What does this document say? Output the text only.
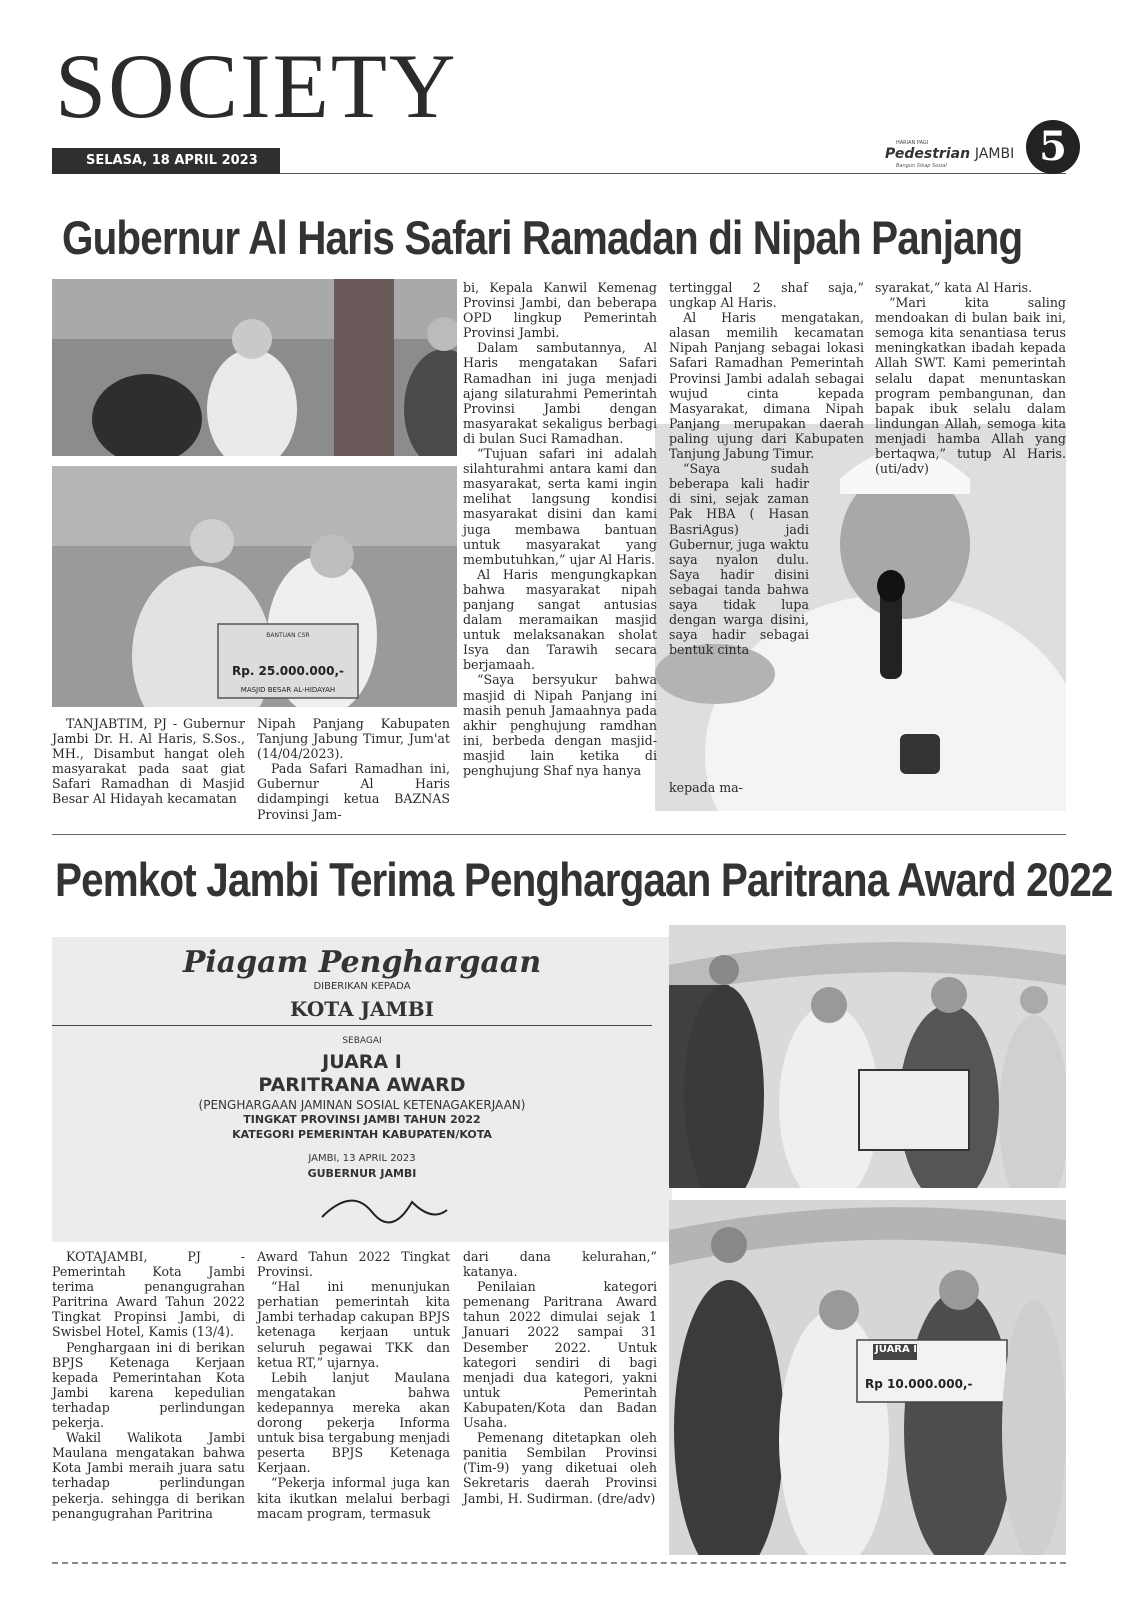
SOCIETY
SELASA, 18 APRIL 2023
HARIAN PAGI
Pedestrian JAMBI
Bangun Sikap Sosial	5
Gubernur Al Haris Safari Ramadan di Nipah Panjang
BANTUAN CSR
Rp. 25.000.000,-
MASJID BESAR AL-HIDAYAH

TANJABTIM, PJ - Gubernur Jambi Dr. H. Al Haris, S.Sos., MH., Disambut hangat oleh masyarakat pada saat giat Safari Ramadhan di Masjid Besar Al Hidayah kecamatan

Nipah Panjang Kabupaten Tanjung Jabung Timur, Jum'at (14/04/2023).

Pada Safari Ramadhan ini, Gubernur Al Haris didampingi ketua BAZNAS Provinsi Jam-

bi, Kepala Kanwil Kemenag Provinsi Jambi, dan beberapa OPD lingkup Pemerintah Provinsi Jambi.

Dalam sambutannya, Al Haris mengatakan Safari Ramadhan ini juga menjadi ajang silaturahmi Pemerintah Provinsi Jambi dengan masyarakat sekaligus berbagi di bulan Suci Ramadhan.

“Tujuan safari ini adalah silahturahmi antara kami dan masyarakat, serta kami ingin melihat langsung kondisi masyarakat disini dan kami juga membawa bantuan untuk masyarakat yang membutuhkan,” ujar Al Haris.

Al Haris mengungkapkan bahwa masyarakat nipah panjang sangat antusias dalam meramaikan masjid untuk melaksanakan sholat Isya dan Tarawih secara berjamaah.

“Saya bersyukur bahwa masjid di Nipah Panjang ini masih penuh Jamaahnya pada akhir penghujung ramdhan ini, berbeda dengan masjid-masjid lain ketika di penghujung Shaf nya hanya

tertinggal 2 shaf saja,” ungkap Al Haris.

Al Haris mengatakan, alasan memilih kecamatan Nipah Panjang sebagai lokasi Safari Ramadhan Pemerintah Provinsi Jambi adalah sebagai wujud cinta kepada Masyarakat, dimana Nipah Panjang merupakan daerah paling ujung dari Kabupaten Tanjung Jabung Timur.

“Saya sudah beberapa kali hadir di sini, sejak zaman Pak HBA ( Hasan BasriAgus) jadi Gubernur, juga waktu saya nyalon dulu. Saya hadir disini sebagai tanda bahwa saya tidak lupa dengan warga disini, saya hadir sebagai bentuk cinta

kepada ma-

syarakat,” kata Al Haris.

“Mari kita saling mendoakan di bulan baik ini, semoga kita senantiasa terus meningkatkan ibadah kepada Allah SWT. Kami pemerintah selalu dapat menuntaskan program pembangunan, dan bapak ibuk selalu dalam lindungan Allah, semoga kita menjadi hamba Allah yang bertaqwa,” tutup Al Haris. (uti/adv)

Pemkot Jambi Terima Penghargaan Paritrana Award 2022
Piagam Penghargaan
DIBERIKAN KEPADA
KOTA JAMBI
SEBAGAI
JUARA I
PARITRANA AWARD
(PENGHARGAAN JAMINAN SOSIAL KETENAGAKERJAAN)
TINGKAT PROVINSI JAMBI TAHUN 2022
KATEGORI PEMERINTAH KABUPATEN/KOTA
JAMBI, 13 APRIL 2023
GUBERNUR JAMBI
JUARA I
Rp 10.000.000,-

KOTAJAMBI, PJ - Pemerintah Kota Jambi terima penangugrahan Paritrina Award Tahun 2022 Tingkat Propinsi Jambi, di Swisbel Hotel, Kamis (13/4).

Penghargaan ini di berikan BPJS Ketenaga Kerjaan kepada Pemerintahan Kota Jambi karena kepedulian terhadap perlindungan pekerja.

Wakil Walikota Jambi Maulana mengatakan bahwa Kota Jambi meraih juara satu terhadap perlindungan pekerja. sehingga di berikan penangugrahan Paritrina

Award Tahun 2022 Tingkat Provinsi.

“Hal ini menunjukan perhatian pemerintah kita Jambi terhadap cakupan BPJS ketenaga kerjaan untuk seluruh pegawai TKK dan ketua RT,” ujarnya.

Lebih lanjut Maulana mengatakan bahwa kedepannya mereka akan dorong pekerja Informa untuk bisa tergabung menjadi peserta BPJS Ketenaga Kerjaan.

“Pekerja informal juga kan kita ikutkan melalui berbagi macam program, termasuk

dari dana kelurahan,” katanya.

Penilaian kategori pemenang Paritrana Award tahun 2022 dimulai sejak 1 Januari 2022 sampai 31 Desember 2022. Untuk kategori sendiri di bagi menjadi dua kategori, yakni untuk Pemerintah Kabupaten/Kota dan Badan Usaha.

Pemenang ditetapkan oleh panitia Sembilan Provinsi (Tim-9) yang diketuai oleh Sekretaris daerah Provinsi Jambi, H. Sudirman. (dre/adv)
